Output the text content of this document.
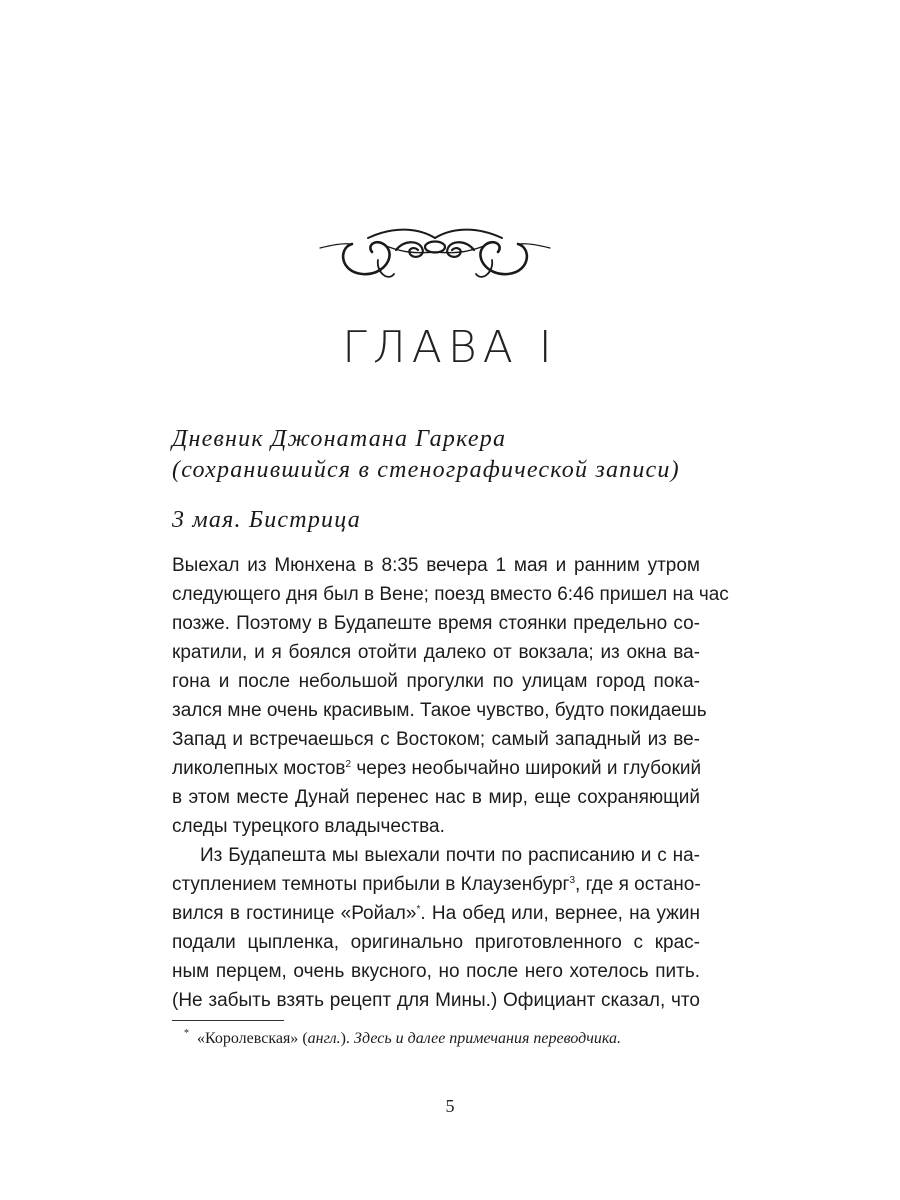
ГЛАВА I
Дневник Джонатана Гаркера
(сохранившийся в стенографической записи)
3 мая. Бистрица
Выехал из Мюнхена в 8:35 вечера 1 мая и ранним утром
следующего дня был в Вене; поезд вместо 6:46 пришел на час
позже. Поэтому в Будапеште время стоянки предельно со-
кратили, и я боялся отойти далеко от вокзала; из окна ва-
гона и после небольшой прогулки по улицам город пока-
зался мне очень красивым. Такое чувство, будто покидаешь
Запад и встречаешься с Востоком; самый западный из ве-
ликолепных мостов$^2$ через необычайно широкий и глубокий
в этом месте Дунай перенес нас в мир, еще сохраняющий
следы турецкого владычества.
Из Будапешта мы выехали почти по расписанию и с на-
ступлением темноты прибыли в Клаузенбург$^3$, где я остано-
вился в гостинице «Ройал»*. На обед или, вернее, на ужин
подали цыпленка, оригинально приготовленного с крас-
ным перцем, очень вкусного, но после него хотелось пить.
(Не забыть взять рецепт для Мины.) Официант сказал, что
* «Королевская» (англ.). Здесь и далее примечания переводчика.
5
